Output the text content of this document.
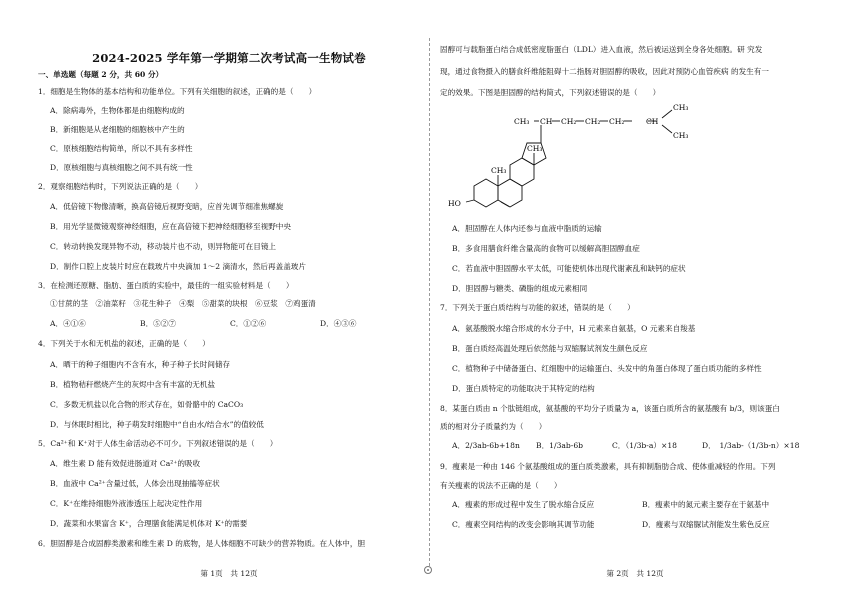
2024-2025 学年第一学期第二次考试高一生物试卷
一、单选题（每题 2 分，共 60 分）
1．细胞是生物体的基本结构和功能单位。下列有关细胞的叙述，正确的是（　　）
A．除病毒外，生物体都是由细胞构成的
B．新细胞是从老细胞的细胞核中产生的
C．原核细胞结构简单，所以不具有多样性
D．原核细胞与真核细胞之间不具有统一性
2．观察细胞结构时，下列说法正确的是（　　）
A．低倍镜下物像清晰，换高倍镜后视野变暗，应首先调节细准焦螺旋
B．用光学显微镜观察神经细胞，应在高倍镜下把神经细胞移至视野中央
C．转动转换发现异物不动，移动装片也不动，则异物能可在目镜上
D．制作口腔上皮装片时应在载玻片中央滴加 1～2 滴清水，然后再盖盖玻片
3．在检测还原糖、脂肪、蛋白质的实验中，最佳的一组实验材料是（　　）
①甘蔗的茎　②油菜籽　③花生种子　④梨　⑤甜菜的块根　⑥豆浆　⑦鸡蛋清
A．④①⑥	B．⑤②⑦	C．①②⑥	D．④③⑥
4．下列关于水和无机盐的叙述，正确的是（　　）
A．晒干的种子细胞内不含有水，种子种子长时间储存
B．植物秸秆燃烧产生的灰烬中含有丰富的无机盐
C．多数无机盐以化合物的形式存在，如骨骼中的 CaCO₃
D．与休眠时相比，种子萌发时细胞中“自由水/结合水”的值较低
5．Ca²⁺和 K⁺对于人体生命活动必不可少。下列叙述错误的是（　　）
A．维生素 D 能有效促进肠道对 Ca²⁺的吸收
B．血液中 Ca²⁺含量过低，人体会出现抽搐等症状
C．K⁺在维持细胞外液渗透压上起决定性作用
D．蔬菜和水果富含 K⁺，合理膳食能满足机体对 K⁺的需要
6．胆固醇是合成固醇类激素和维生素 D 的底物，是人体细胞不可缺少的营养物质。在人体中，胆
第 1页　共 12页
固醇可与载脂蛋白结合成低密度脂蛋白（LDL）进入血液，然后被运送到全身各处细胞。研 究发
现，通过食物摄入的膳食纤维能阻碍十二指肠对胆固醇的吸收，因此对预防心血管疾病 的发生有一
定的效果。下图是胆固醇的结构简式，下列叙述错误的是（　　）
CH₃ CH CH₂ CH₂ CH₂	CH
CH₃
CH₃
CH₃
CH₃
HO
A．胆固醇在人体内还参与血液中脂质的运输
B．多食用膳食纤维含量高的食物可以缓解高胆固醇血症
C．若血液中胆固醇水平太低，可能使机体出现代谢紊乱和缺钙的症状
D．胆固醇与糖类、磷脂的组成元素相同
7．下列关于蛋白质结构与功能的叙述，错误的是（　　）
A．氨基酸脱水缩合形成的水分子中，H 元素来自氨基，O 元素来自羧基
B．蛋白质经高温处理后依然能与双缩脲试剂发生颜色反应
C．植物种子中储备蛋白、红细胞中的运输蛋白、头发中的角蛋白体现了蛋白质功能的多样性
D．蛋白质特定的功能取决于其特定的结构
8．某蛋白质由 n 个肽链组成，氨基酸的平均分子质量为 a，该蛋白质所含的氨基酸有 b/3，则该蛋白
质的相对分子质量约为（　　）
A．2/3ab-6b+18n B．1/3ab-6b	C．（1/3b-a）×18	D．　1/3ab-（1/3b-n）×18
9．瘦素是一种由 146 个氨基酸组成的蛋白质类激素，具有抑制脂肪合成、使体重减轻的作用。下列
有关瘦素的说法不正确的是（　　）
A．瘦素的形成过程中发生了脱水缩合反应	B．瘦素中的氮元素主要存在于氨基中
C．瘦素空间结构的改变会影响其调节功能	D．瘦素与双缩脲试剂能发生紫色反应
第 2页　共 12页
